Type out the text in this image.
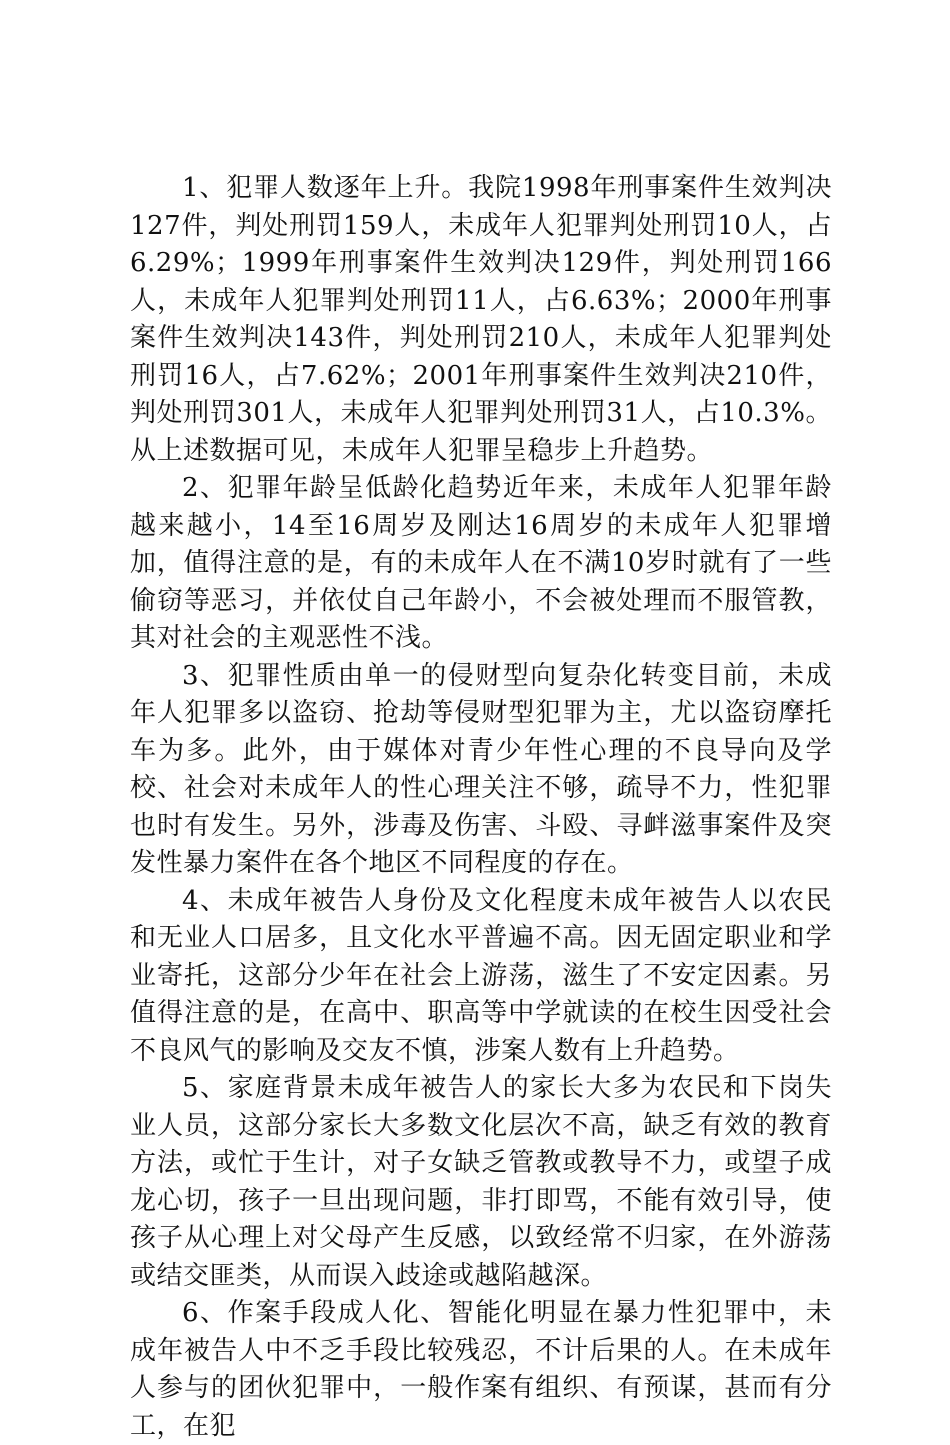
1、犯罪人数逐年上升。我院1998年刑事案件生效判决127件，判处刑罚159人，未成年人犯罪判处刑罚10人，占6.29%；1999年刑事案件生效判决129件，判处刑罚166人，未成年人犯罪判处刑罚11人，占6.63%；2000年刑事案件生效判决143件，判处刑罚210人，未成年人犯罪判处刑罚16人，占7.62%；2001年刑事案件生效判决210件，判处刑罚301人，未成年人犯罪判处刑罚31人，占10.3%。从上述数据可见，未成年人犯罪呈稳步上升趋势。

2、犯罪年龄呈低龄化趋势近年来，未成年人犯罪年龄越来越小，14至16周岁及刚达16周岁的未成年人犯罪增加，值得注意的是，有的未成年人在不满10岁时就有了一些偷窃等恶习，并依仗自己年龄小，不会被处理而不服管教，其对社会的主观恶性不浅。

3、犯罪性质由单一的侵财型向复杂化转变目前，未成年人犯罪多以盗窃、抢劫等侵财型犯罪为主，尤以盗窃摩托车为多。此外，由于媒体对青少年性心理的不良导向及学校、社会对未成年人的性心理关注不够，疏导不力，性犯罪也时有发生。另外，涉毒及伤害、斗殴、寻衅滋事案件及突发性暴力案件在各个地区不同程度的存在。

4、未成年被告人身份及文化程度未成年被告人以农民和无业人口居多，且文化水平普遍不高。因无固定职业和学业寄托，这部分少年在社会上游荡，滋生了不安定因素。另值得注意的是，在高中、职高等中学就读的在校生因受社会不良风气的影响及交友不慎，涉案人数有上升趋势。

5、家庭背景未成年被告人的家长大多为农民和下岗失业人员，这部分家长大多数文化层次不高，缺乏有效的教育方法，或忙于生计，对子女缺乏管教或教导不力，或望子成龙心切，孩子一旦出现问题，非打即骂，不能有效引导，使孩子从心理上对父母产生反感，以致经常不归家，在外游荡或结交匪类，从而误入歧途或越陷越深。

6、作案手段成人化、智能化明显在暴力性犯罪中，未成年被告人中不乏手段比较残忍，不计后果的人。在未成年人参与的团伙犯罪中，一般作案有组织、有预谋，甚而有分工，在犯
